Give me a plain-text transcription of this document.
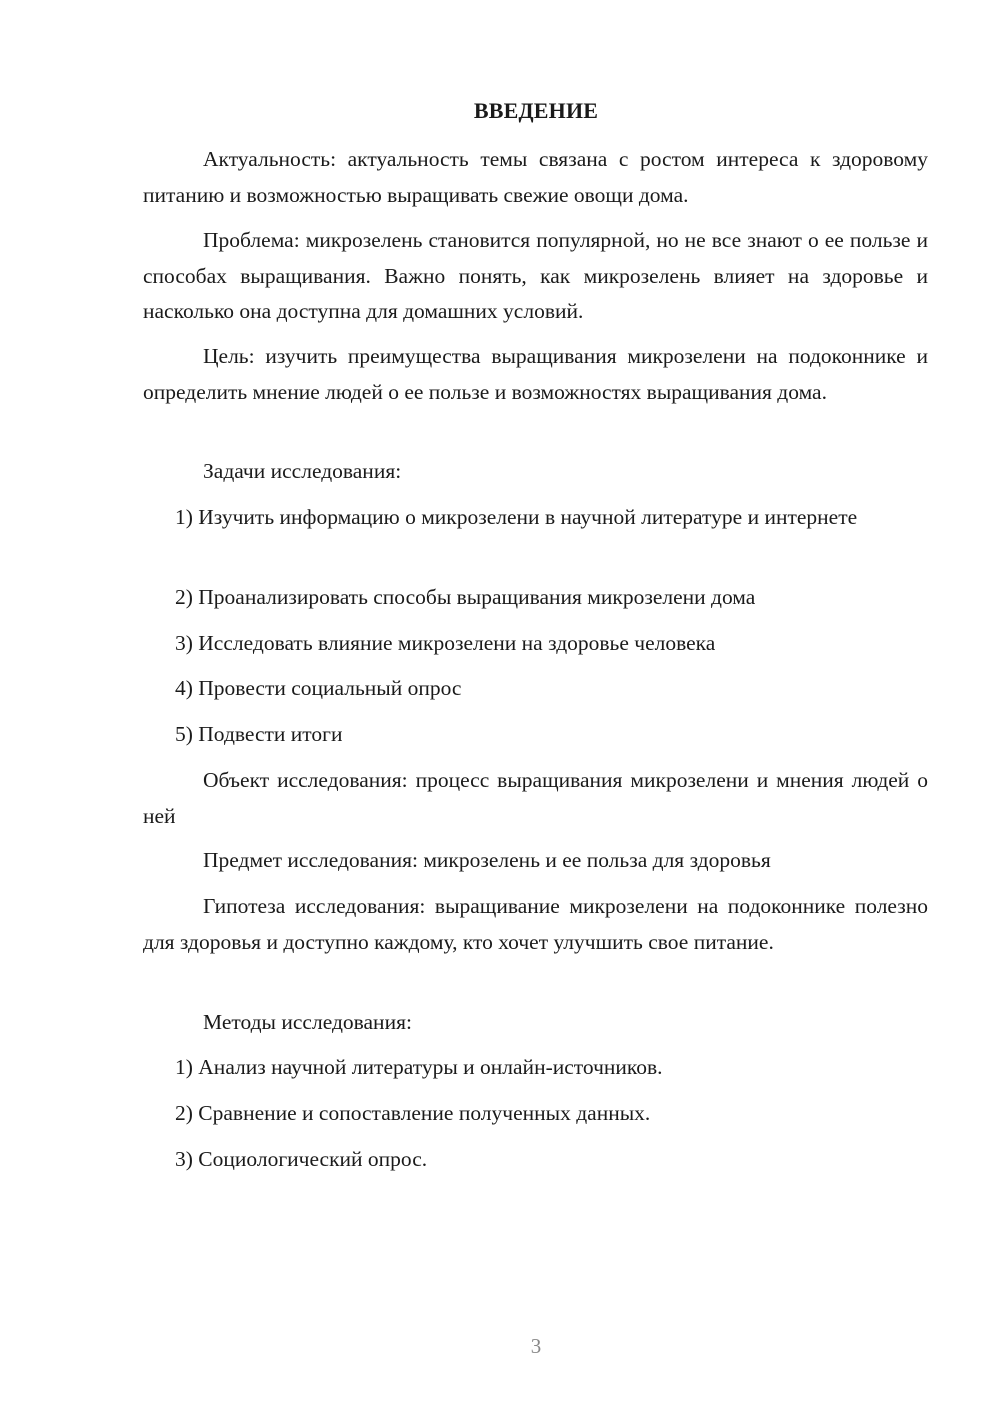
ВВЕДЕНИЕ

Актуальность: актуальность темы связана с ростом интереса к здоровому питанию и возможностью выращивать свежие овощи дома.

Проблема: микрозелень становится популярной, но не все знают о ее пользе и способах выращивания. Важно понять, как микрозелень влияет на здоровье и насколько она доступна для домашних условий.

Цель: изучить преимущества выращивания микрозелени на подоконнике и определить мнение людей о ее пользе и возможностях выращивания дома.

Задачи исследования:

1) Изучить информацию о микрозелени в научной литературе и интернете

2) Проанализировать способы выращивания микрозелени дома

3) Исследовать влияние микрозелени на здоровье человека

4) Провести социальный опрос

5) Подвести итоги

Объект исследования: процесс выращивания микрозелени и мнения людей о ней

Предмет исследования: микрозелень и ее польза для здоровья

Гипотеза исследования: выращивание микрозелени на подоконнике полезно для здоровья и доступно каждому, кто хочет улучшить свое питание.

Методы исследования:

1) Анализ научной литературы и онлайн-источников.

2) Сравнение и сопоставление полученных данных.

3) Социологический опрос.

3
